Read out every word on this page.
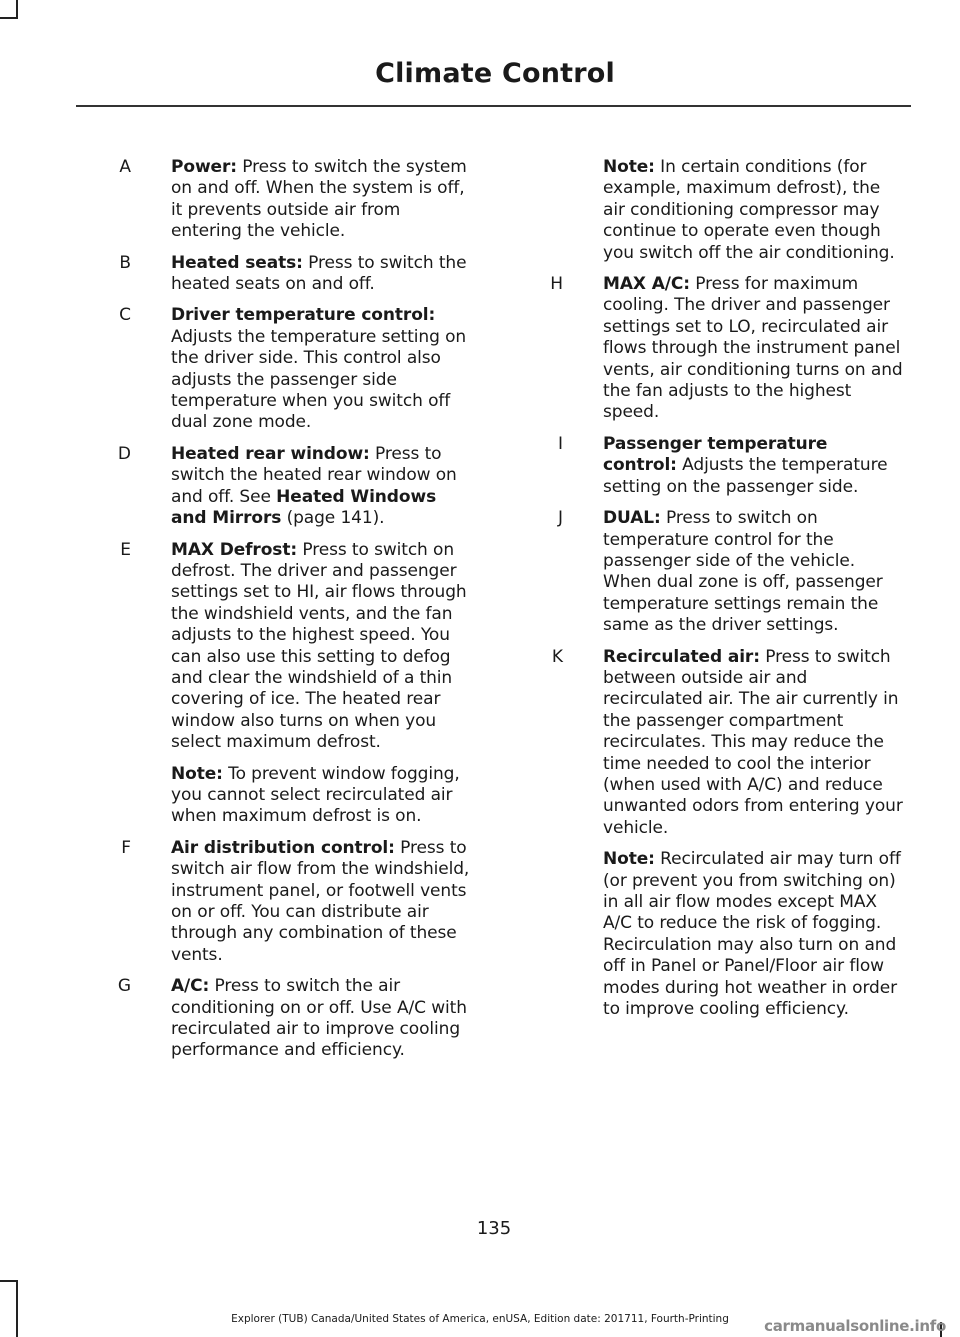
Climate Control
A Power: Press to switch the system on and off. When the system is off, it prevents outside air from entering the vehicle.

B Heated seats: Press to switch the heated seats on and off.

C Driver temperature control: Adjusts the temperature setting on the driver side. This control also adjusts the passenger side temperature when you switch off dual zone mode.

D Heated rear window: Press to switch the heated rear window on and off. See Heated Windows and Mirrors (page 141).

E MAX Defrost: Press to switch on defrost. The driver and passenger settings set to HI, air flows through the windshield vents, and the fan adjusts to the highest speed. You can also use this setting to defog and clear the windshield of a thin covering of ice. The heated rear window also turns on when you select maximum defrost.

Note: To prevent window fogging, you cannot select recirculated air when maximum defrost is on.

F Air distribution control: Press to switch air flow from the windshield, instrument panel, or footwell vents on or off. You can distribute air through any combination of these vents.

G A/C: Press to switch the air conditioning on or off. Use A/C with recirculated air to improve cooling performance and efficiency.

Note: In certain conditions (for example, maximum defrost), the air conditioning compressor may continue to operate even though you switch off the air conditioning.

H MAX A/C: Press for maximum cooling. The driver and passenger settings set to LO, recirculated air flows through the instrument panel vents, air conditioning turns on and the fan adjusts to the highest speed.

I Passenger temperature control: Adjusts the temperature setting on the passenger side.

J DUAL: Press to switch on temperature control for the passenger side of the vehicle. When dual zone is off, passenger temperature settings remain the same as the driver settings.

K Recirculated air: Press to switch between outside air and recirculated air. The air currently in the passenger compartment recirculates. This may reduce the time needed to cool the interior (when used with A/C) and reduce unwanted odors from entering your vehicle.

Note: Recirculated air may turn off (or prevent you from switching on) in all air flow modes except MAX A/C to reduce the risk of fogging. Recirculation may also turn on and off in Panel or Panel/Floor air flow modes during hot weather in order to improve cooling efficiency.

135
Explorer (TUB) Canada/United States of America, enUSA, Edition date: 201711, Fourth-Printing	carmanualsonline.info
